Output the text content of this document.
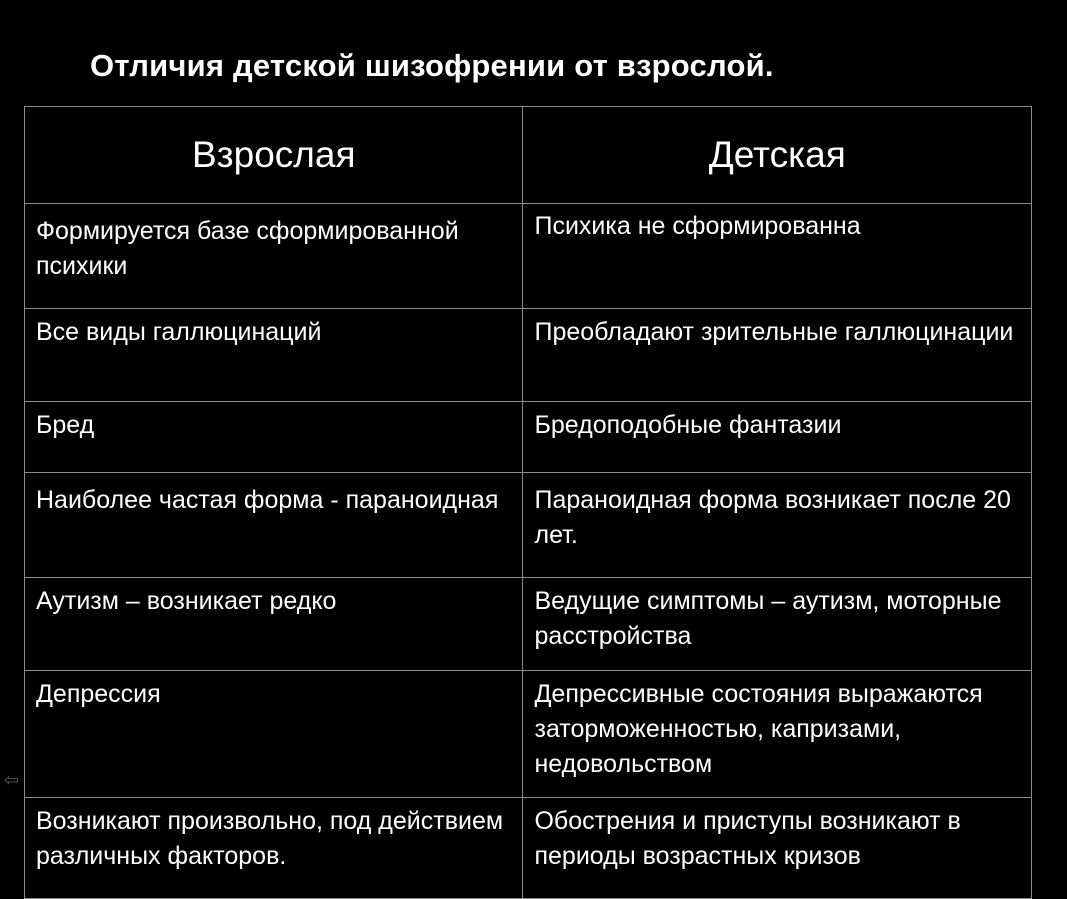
Отличия детской шизофрении от взрослой.
Взрослая	Детская
Формируется базе сформированной психики	Психика не сформированна
Все виды галлюцинаций	Преобладают зрительные галлюцинации
Бред	Бредоподобные фантазии
Наиболее частая форма - параноидная	Параноидная форма возникает после 20 лет.
Аутизм – возникает редко	Ведущие симптомы – аутизм, моторные расстройства
Депрессия	Депрессивные состояния выражаются заторможенностью, капризами, недовольством
Возникают произвольно, под действием различных факторов.	Обострения и приступы возникают в периоды возрастных кризов
⇦
